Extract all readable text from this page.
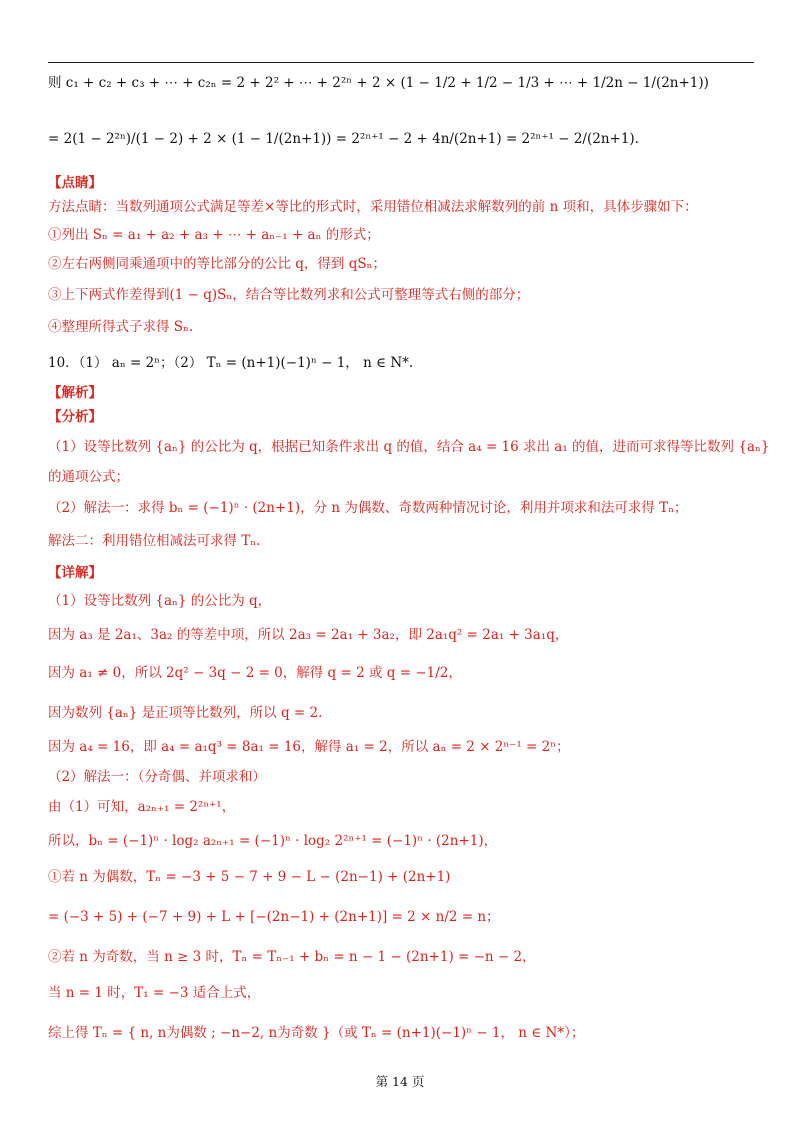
则 c₁ + c₂ + c₃ + ⋯ + c₂ₙ = 2 + 2² + ⋯ + 2²ⁿ + 2 × (1 − 1/2 + 1/2 − 1/3 + ⋯ + 1/2n − 1/(2n+1))
= 2(1 − 2²ⁿ)/(1 − 2) + 2 × (1 − 1/(2n+1)) = 2²ⁿ⁺¹ − 2 + 4n/(2n+1) = 2²ⁿ⁺¹ − 2/(2n+1).
【点睛】
方法点睛：当数列通项公式满足等差×等比的形式时，采用错位相减法求解数列的前 n 项和，具体步骤如下：
①列出 Sₙ = a₁ + a₂ + a₃ + ⋯ + aₙ₋₁ + aₙ 的形式；
②左右两侧同乘通项中的等比部分的公比 q，得到 qSₙ；
③上下两式作差得到(1 − q)Sₙ，结合等比数列求和公式可整理等式右侧的部分；
④整理所得式子求得 Sₙ.
10．（1） aₙ = 2ⁿ；（2） Tₙ = (n+1)(−1)ⁿ − 1， n ∈ N*.
【解析】
【分析】
（1）设等比数列 {aₙ} 的公比为 q，根据已知条件求出 q 的值，结合 a₄ = 16 求出 a₁ 的值，进而可求得等比数列 {aₙ}
的通项公式；
（2）解法一：求得 bₙ = (−1)ⁿ · (2n+1)，分 n 为偶数、奇数两种情况讨论，利用并项求和法可求得 Tₙ；
解法二：利用错位相减法可求得 Tₙ.
【详解】
（1）设等比数列 {aₙ} 的公比为 q，
因为 a₃ 是 2a₁、3a₂ 的等差中项，所以 2a₃ = 2a₁ + 3a₂，即 2a₁q² = 2a₁ + 3a₁q，
因为 a₁ ≠ 0，所以 2q² − 3q − 2 = 0，解得 q = 2 或 q = −1/2，
因为数列 {aₙ} 是正项等比数列，所以 q = 2.
因为 a₄ = 16，即 a₄ = a₁q³ = 8a₁ = 16，解得 a₁ = 2，所以 aₙ = 2 × 2ⁿ⁻¹ = 2ⁿ；
（2）解法一：（分奇偶、并项求和）
由（1）可知，a₂ₙ₊₁ = 2²ⁿ⁺¹，
所以，bₙ = (−1)ⁿ · log₂ a₂ₙ₊₁ = (−1)ⁿ · log₂ 2²ⁿ⁺¹ = (−1)ⁿ · (2n+1)，
①若 n 为偶数，Tₙ = −3 + 5 − 7 + 9 − L − (2n−1) + (2n+1)
= (−3 + 5) + (−7 + 9) + L + [−(2n−1) + (2n+1)] = 2 × n/2 = n；
②若 n 为奇数，当 n ≥ 3 时，Tₙ = Tₙ₋₁ + bₙ = n − 1 − (2n+1) = −n − 2，
当 n = 1 时，T₁ = −3 适合上式，
综上得 Tₙ = { n, n为偶数 ; −n−2, n为奇数 }（或 Tₙ = (n+1)(−1)ⁿ − 1， n ∈ N*）；
第 14 页
